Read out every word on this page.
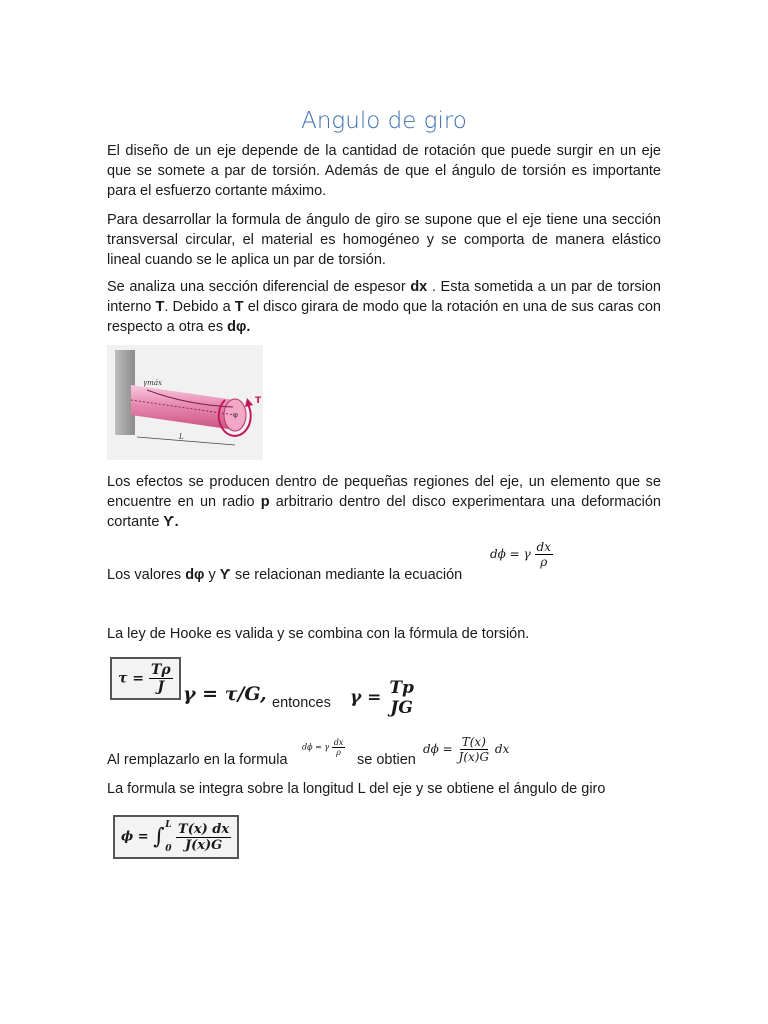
Angulo de giro
El diseño de un eje depende de la cantidad de rotación que puede surgir en un eje que se somete a par de torsión. Además de que el ángulo de torsión es importante para el esfuerzo cortante máximo.
Para desarrollar la formula de ángulo de giro se supone que el eje tiene una sección transversal circular, el material es homogéneo y se comporta de manera elástico lineal cuando se le aplica un par de torsión.
Se analiza una sección diferencial de espesor dx . Esta sometida a un par de torsion interno T. Debido a T el disco girara de modo que la rotación en una de sus caras con respecto a otra es dφ.
γmáx
T
φ
L
Los efectos se producen dentro de pequeñas regiones del eje, un elemento que se encuentre en un radio p arbitrario dentro del disco experimentara una deformación cortante Ƴ.
Los valores dφ y Ƴ se relacionan mediante la ecuación
dϕ = γ $\frac{dx}{\rho}$
La ley de Hooke es valida y se combina con la fórmula de torsión.
$\tau = \frac{T\rho}{J}$ γ = τ/G, entonces γ = Tp
JG
Al remplazarlo en la formula
dϕ = γ $\frac{dx}{\rho}$
se obtien
$d\phi = \frac{T(x)}{J(x)G}$ dx
La formula se integra sobre la longitud L del eje y se obtiene el ángulo de giro
ϕ = ∫ L
0
$\frac{T(x) dx}{J(x)G}$
